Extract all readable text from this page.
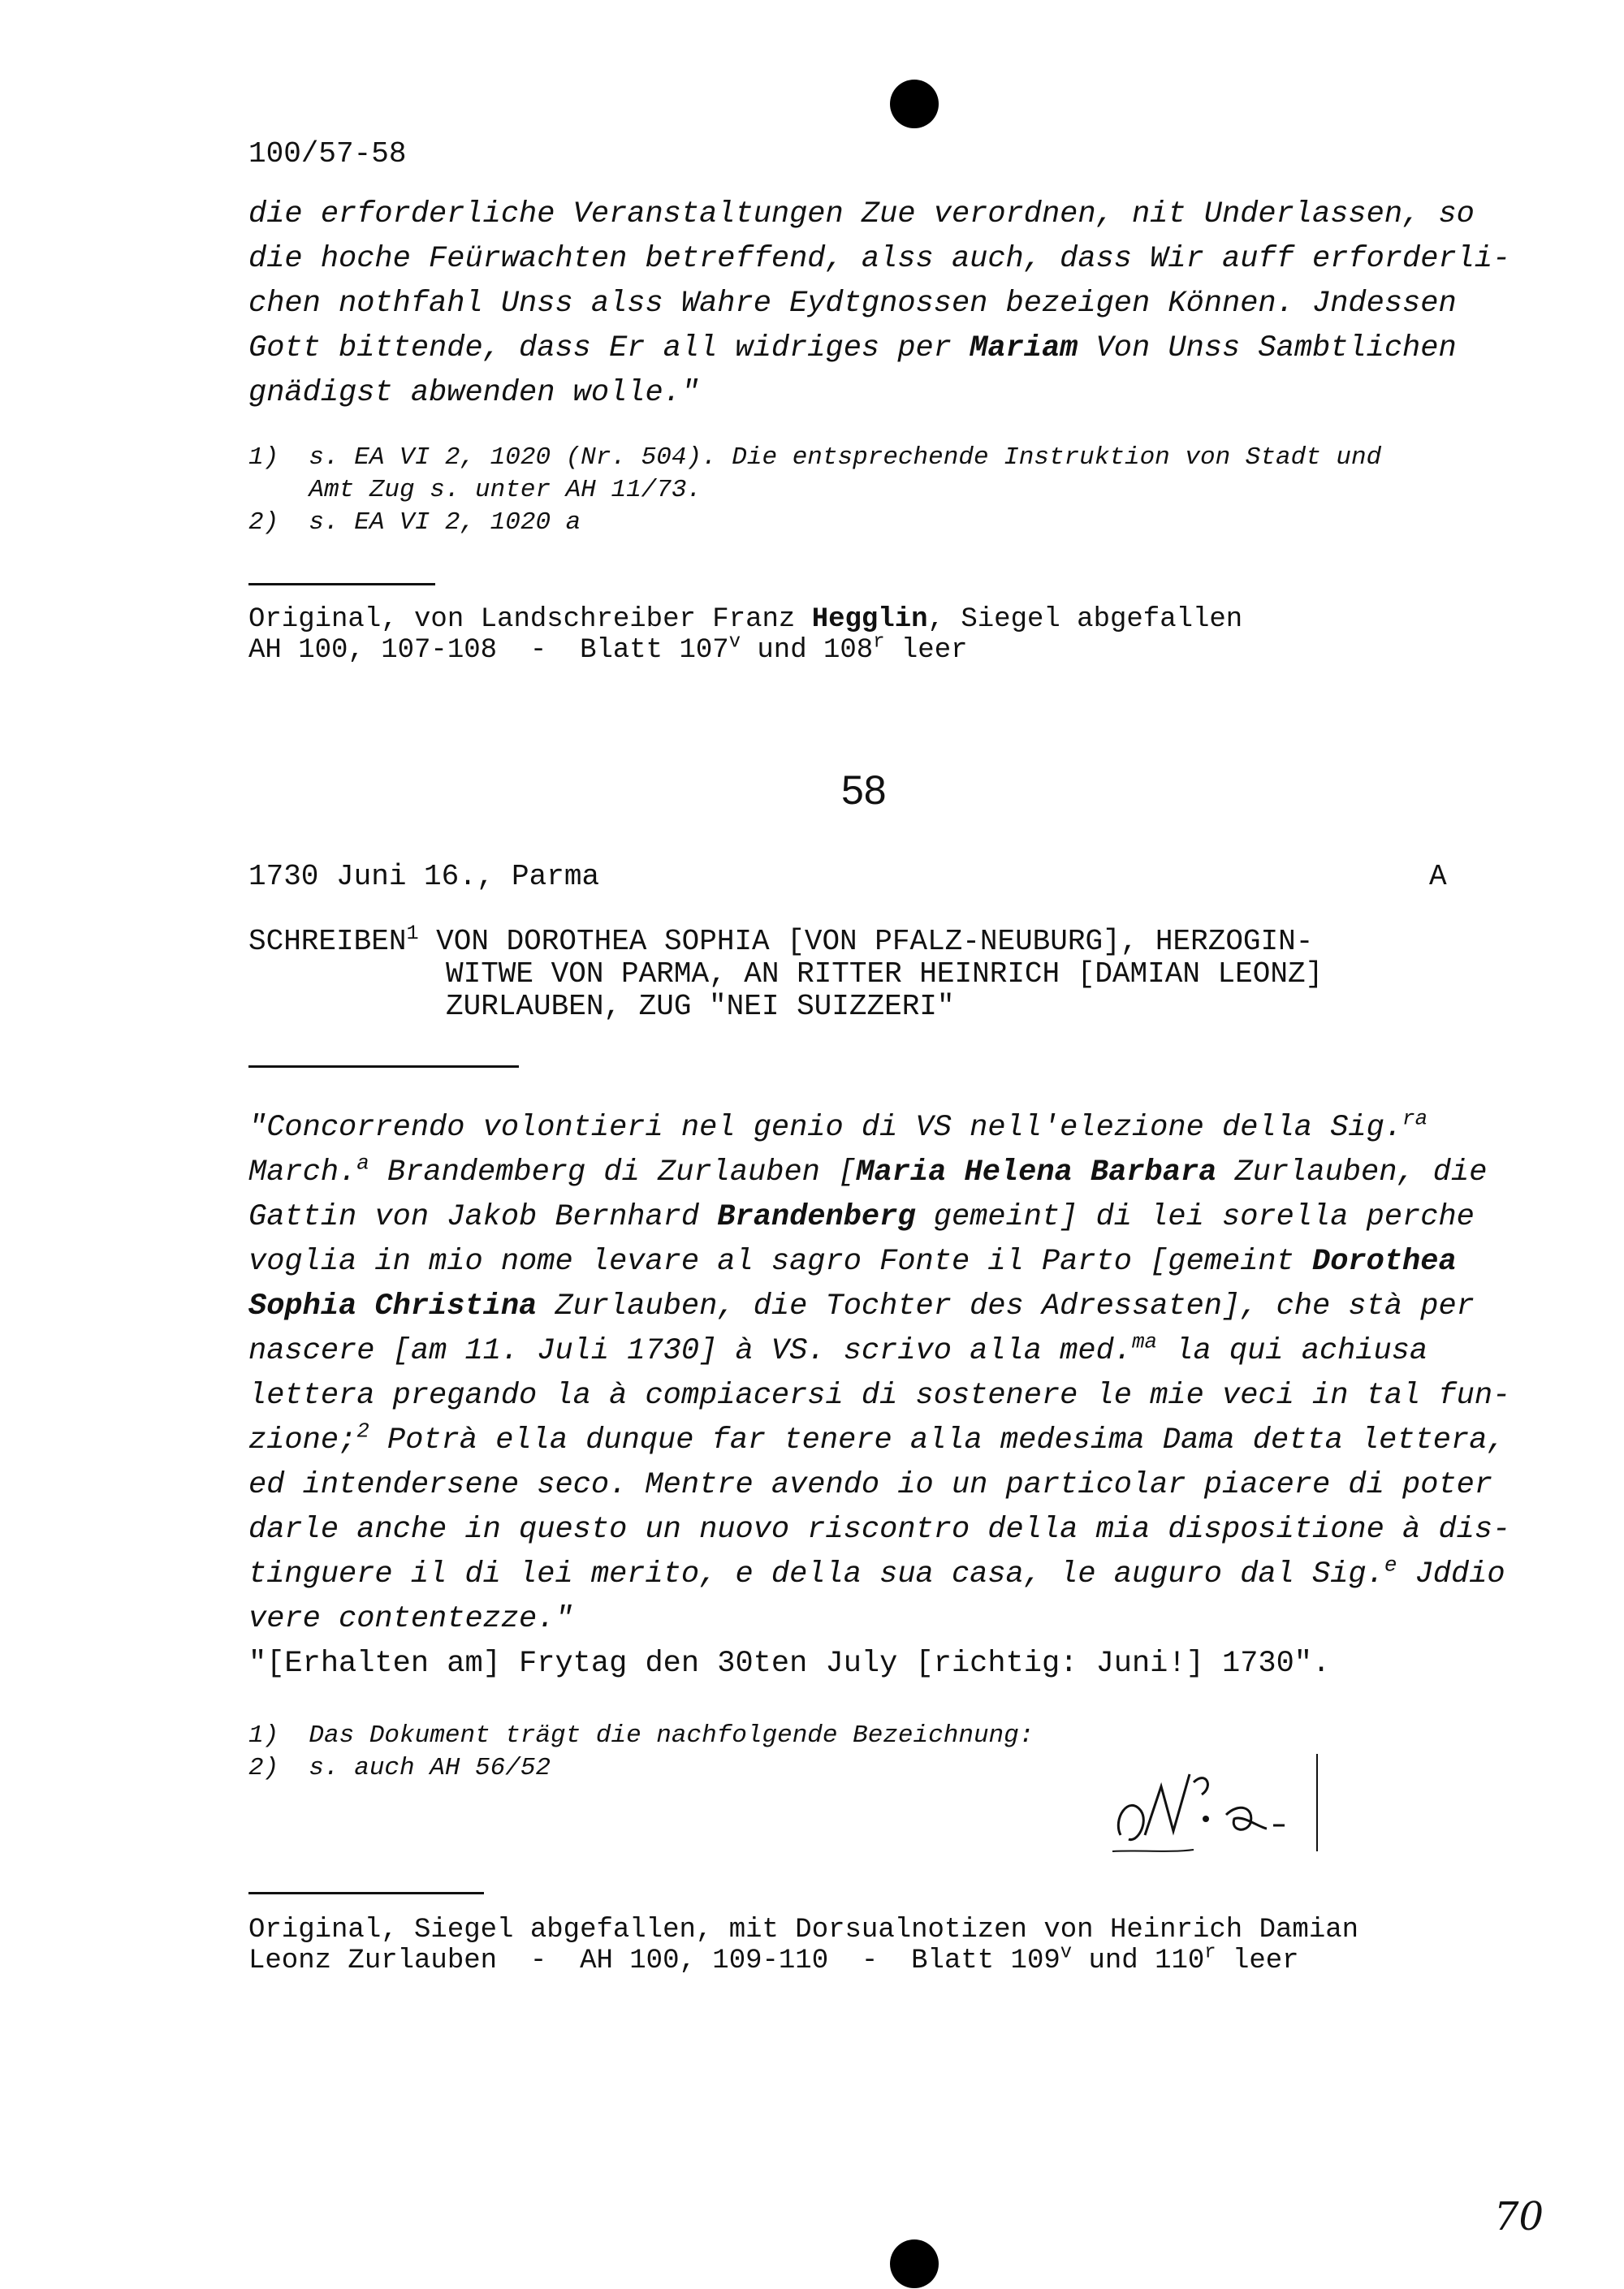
100/57-58
die erforderliche Veranstaltungen Zue verordnen, nit Underlassen, so
die hoche Feürwachten betreffend, alss auch, dass Wir auff erforderli-
chen nothfahl Unss alss Wahre Eydtgnossen bezeigen Können. Jndessen
Gott bittende, dass Er all widriges per Mariam Von Unss Sambtlichen
gnädigst abwenden wolle."
1)  s. EA VI 2, 1020 (Nr. 504). Die entsprechende Instruktion von Stadt und
Amt Zug s. unter AH 11/73.
2)  s. EA VI 2, 1020 a
Original, von Landschreiber Franz Hegglin, Siegel abgefallen
AH 100, 107-108  -  Blatt 107$^v$ und 108$^r$ leer
58
1730 Juni 16., Parma	A
SCHREIBEN$^1$ VON DOROTHEA SOPHIA [VON PFALZ-NEUBURG], HERZOGIN-
WITWE VON PARMA, AN RITTER HEINRICH [DAMIAN LEONZ]
ZURLAUBEN, ZUG "NEI SUIZZERI"
"Concorrendo volontieri nel genio di VS nell'elezione della Sig.$^{ra}$
March.$^a$ Brandemberg di Zurlauben [Maria Helena Barbara Zurlauben, die
Gattin von Jakob Bernhard Brandenberg gemeint] di lei sorella perche
voglia in mio nome levare al sagro Fonte il Parto [gemeint Dorothea
Sophia Christina Zurlauben, die Tochter des Adressaten], che stà per
nascere [am 11. Juli 1730] à VS. scrivo alla med.$^{ma}$ la qui achiusa
lettera pregando la à compiacersi di sostenere le mie veci in tal fun-
zione;$^2$ Potrà ella dunque far tenere alla medesima Dama detta lettera,
ed intendersene seco. Mentre avendo io un particolar piacere di poter
darle anche in questo un nuovo riscontro della mia dispositione à dis-
tinguere il di lei merito, e della sua casa, le auguro dal Sig.$^e$ Jddio
vere contentezze."
"[Erhalten am] Frytag den 30ten July [richtig: Juni!] 1730".
1)  Das Dokument trägt die nachfolgende Bezeichnung:
2)  s. auch AH 56/52
Original, Siegel abgefallen, mit Dorsualnotizen von Heinrich Damian
Leonz Zurlauben  -  AH 100, 109-110  -  Blatt 109$^v$ und 110$^r$ leer
70
